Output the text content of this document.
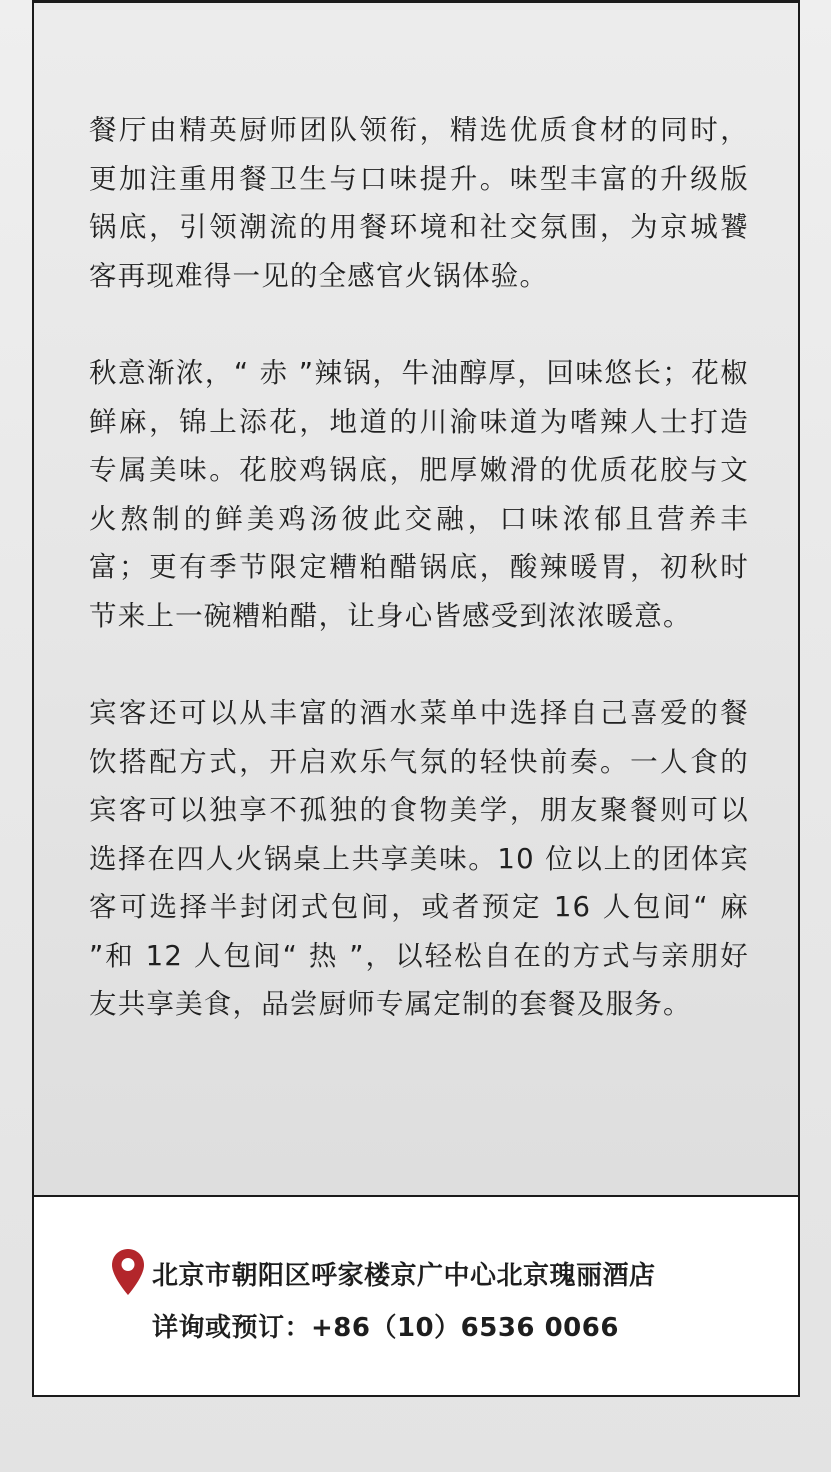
餐厅由精英厨师团队领衔，精选优质食材的同时，更加注重用餐卫生与口味提升。味型丰富的升级版锅底，引领潮流的用餐环境和社交氛围，为京城饕客再现难得一见的全感官火锅体验。

秋意渐浓，“ 赤 ”辣锅，牛油醇厚，回味悠长；花椒鲜麻，锦上添花，地道的川渝味道为嗜辣人士打造专属美味。花胶鸡锅底，肥厚嫩滑的优质花胶与文火熬制的鲜美鸡汤彼此交融，口味浓郁且营养丰富；更有季节限定糟粕醋锅底，酸辣暖胃，初秋时节来上一碗糟粕醋，让身心皆感受到浓浓暖意。

宾客还可以从丰富的酒水菜单中选择自己喜爱的餐饮搭配方式，开启欢乐气氛的轻快前奏。一人食的宾客可以独享不孤独的食物美学，朋友聚餐则可以选择在四人火锅桌上共享美味。10 位以上的团体宾客可选择半封闭式包间，或者预定 16 人包间“ 麻 ”和 12 人包间“ 热 ”，以轻松自在的方式与亲朋好友共享美食，品尝厨师专属定制的套餐及服务。

北京市朝阳区呼家楼京广中心北京瑰丽酒店
详询或预订：+86（10）6536 0066
